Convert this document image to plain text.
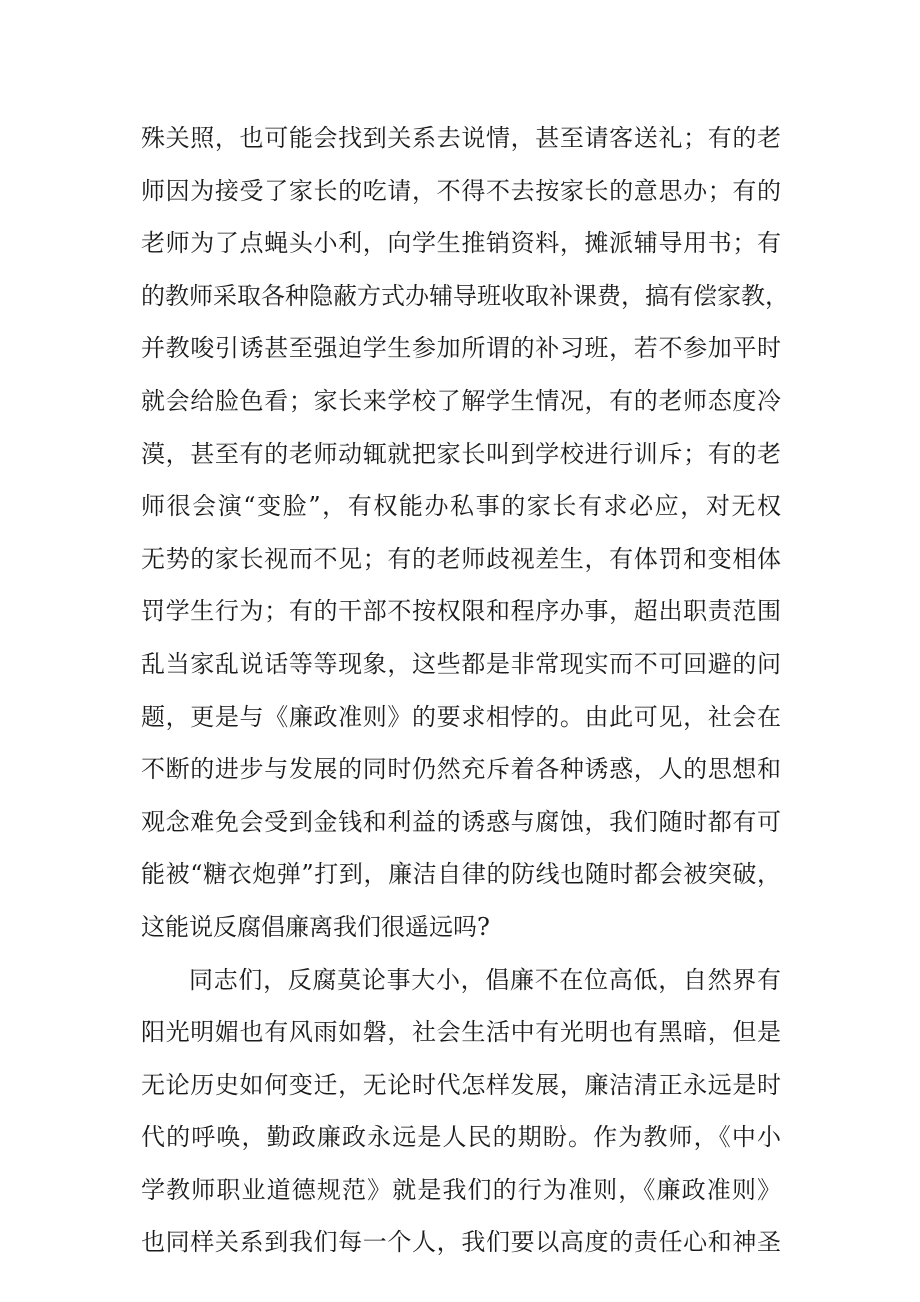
殊关照，也可能会找到关系去说情，甚至请客送礼；有的老
师因为接受了家长的吃请，不得不去按家长的意思办；有的
老师为了点蝇头小利，向学生推销资料，摊派辅导用书；有
的教师采取各种隐蔽方式办辅导班收取补课费，搞有偿家教，
并教唆引诱甚至强迫学生参加所谓的补习班，若不参加平时
就会给脸色看；家长来学校了解学生情况，有的老师态度冷
漠，甚至有的老师动辄就把家长叫到学校进行训斥；有的老
师很会演“变脸”，有权能办私事的家长有求必应，对无权
无势的家长视而不见；有的老师歧视差生，有体罚和变相体
罚学生行为；有的干部不按权限和程序办事，超出职责范围
乱当家乱说话等等现象，这些都是非常现实而不可回避的问
题，更是与《廉政准则》的要求相悖的。由此可见，社会在
不断的进步与发展的同时仍然充斥着各种诱惑，人的思想和
观念难免会受到金钱和利益的诱惑与腐蚀，我们随时都有可
能被“糖衣炮弹”打到，廉洁自律的防线也随时都会被突破，
这能说反腐倡廉离我们很遥远吗?
同志们，反腐莫论事大小，倡廉不在位高低，自然界有
阳光明媚也有风雨如磐，社会生活中有光明也有黑暗，但是
无论历史如何变迁，无论时代怎样发展，廉洁清正永远是时
代的呼唤，勤政廉政永远是人民的期盼。作为教师，《中小
学教师职业道德规范》就是我们的行为准则，《廉政准则》
也同样关系到我们每一个人，我们要以高度的责任心和神圣
